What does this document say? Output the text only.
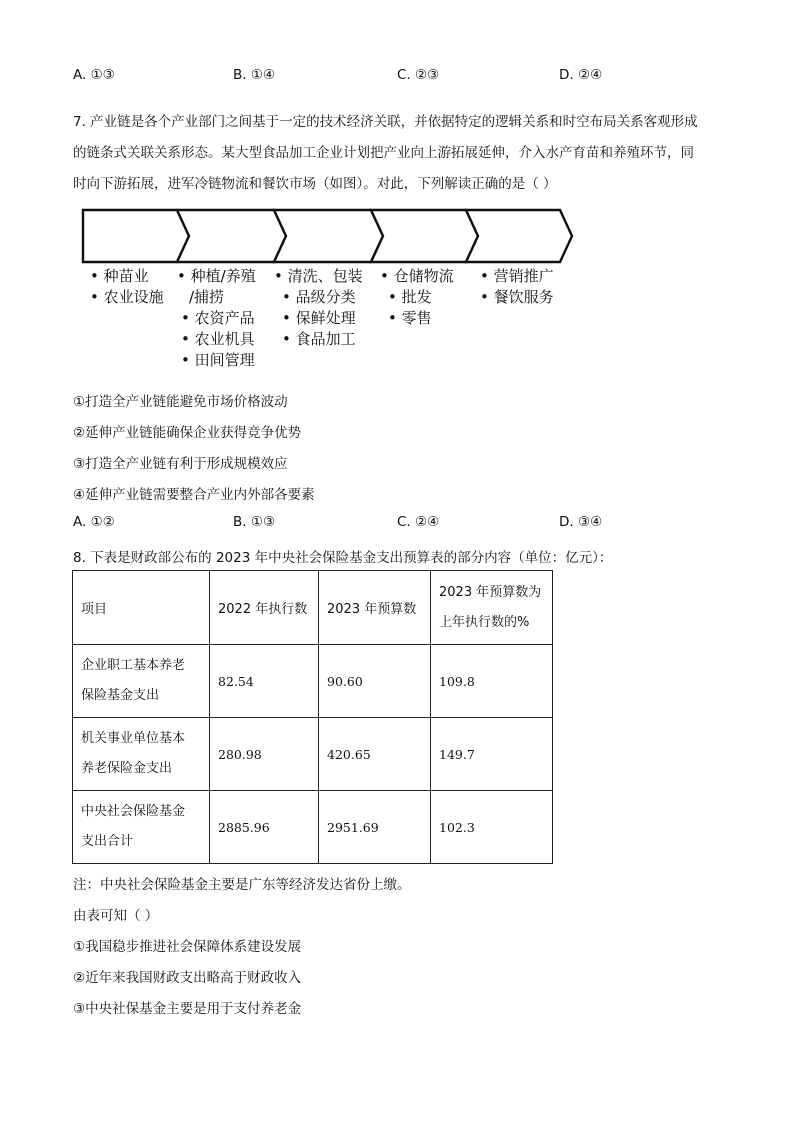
A. ①③	B. ①④	C. ②③	D. ②④
7. 产业链是各个产业部门之间基于一定的技术经济关联，并依据特定的逻辑关系和时空布局关系客观形成
的链条式关联关系形态。某大型食品加工企业计划把产业向上游拓展延伸，介入水产育苗和养殖环节，同
时向下游拓展，进军冷链物流和餐饮市场（如图）。对此，下列解读正确的是（ ）
• 种苗业
• 农业设施
• 种植/养殖
/捕捞
• 农资产品
• 农业机具
• 田间管理
• 清洗、包装
• 品级分类
• 保鲜处理
• 食品加工
• 仓储物流
• 批发
• 零售
• 营销推广
• 餐饮服务
①打造全产业链能避免市场价格波动
②延伸产业链能确保企业获得竞争优势
③打造全产业链有利于形成规模效应
④延伸产业链需要整合产业内外部各要素
A. ①②	B. ①③	C. ②④	D. ③④
8. 下表是财政部公布的 2023 年中央社会保险基金支出预算表的部分内容（单位：亿元）：
项目	2022 年执行数	2023 年预算数	2023 年预算数为
上年执行数的%

企业职工基本养老
保险基金支出	82.54	90.60	109.8

机关事业单位基本
养老保险金支出	280.98	420.65	149.7

中央社会保险基金
支出合计	2885.96	2951.69	102.3
注：中央社会保险基金主要是广东等经济发达省份上缴。
由表可知（ ）
①我国稳步推进社会保障体系建设发展
②近年来我国财政支出略高于财政收入
③中央社保基金主要是用于支付养老金
